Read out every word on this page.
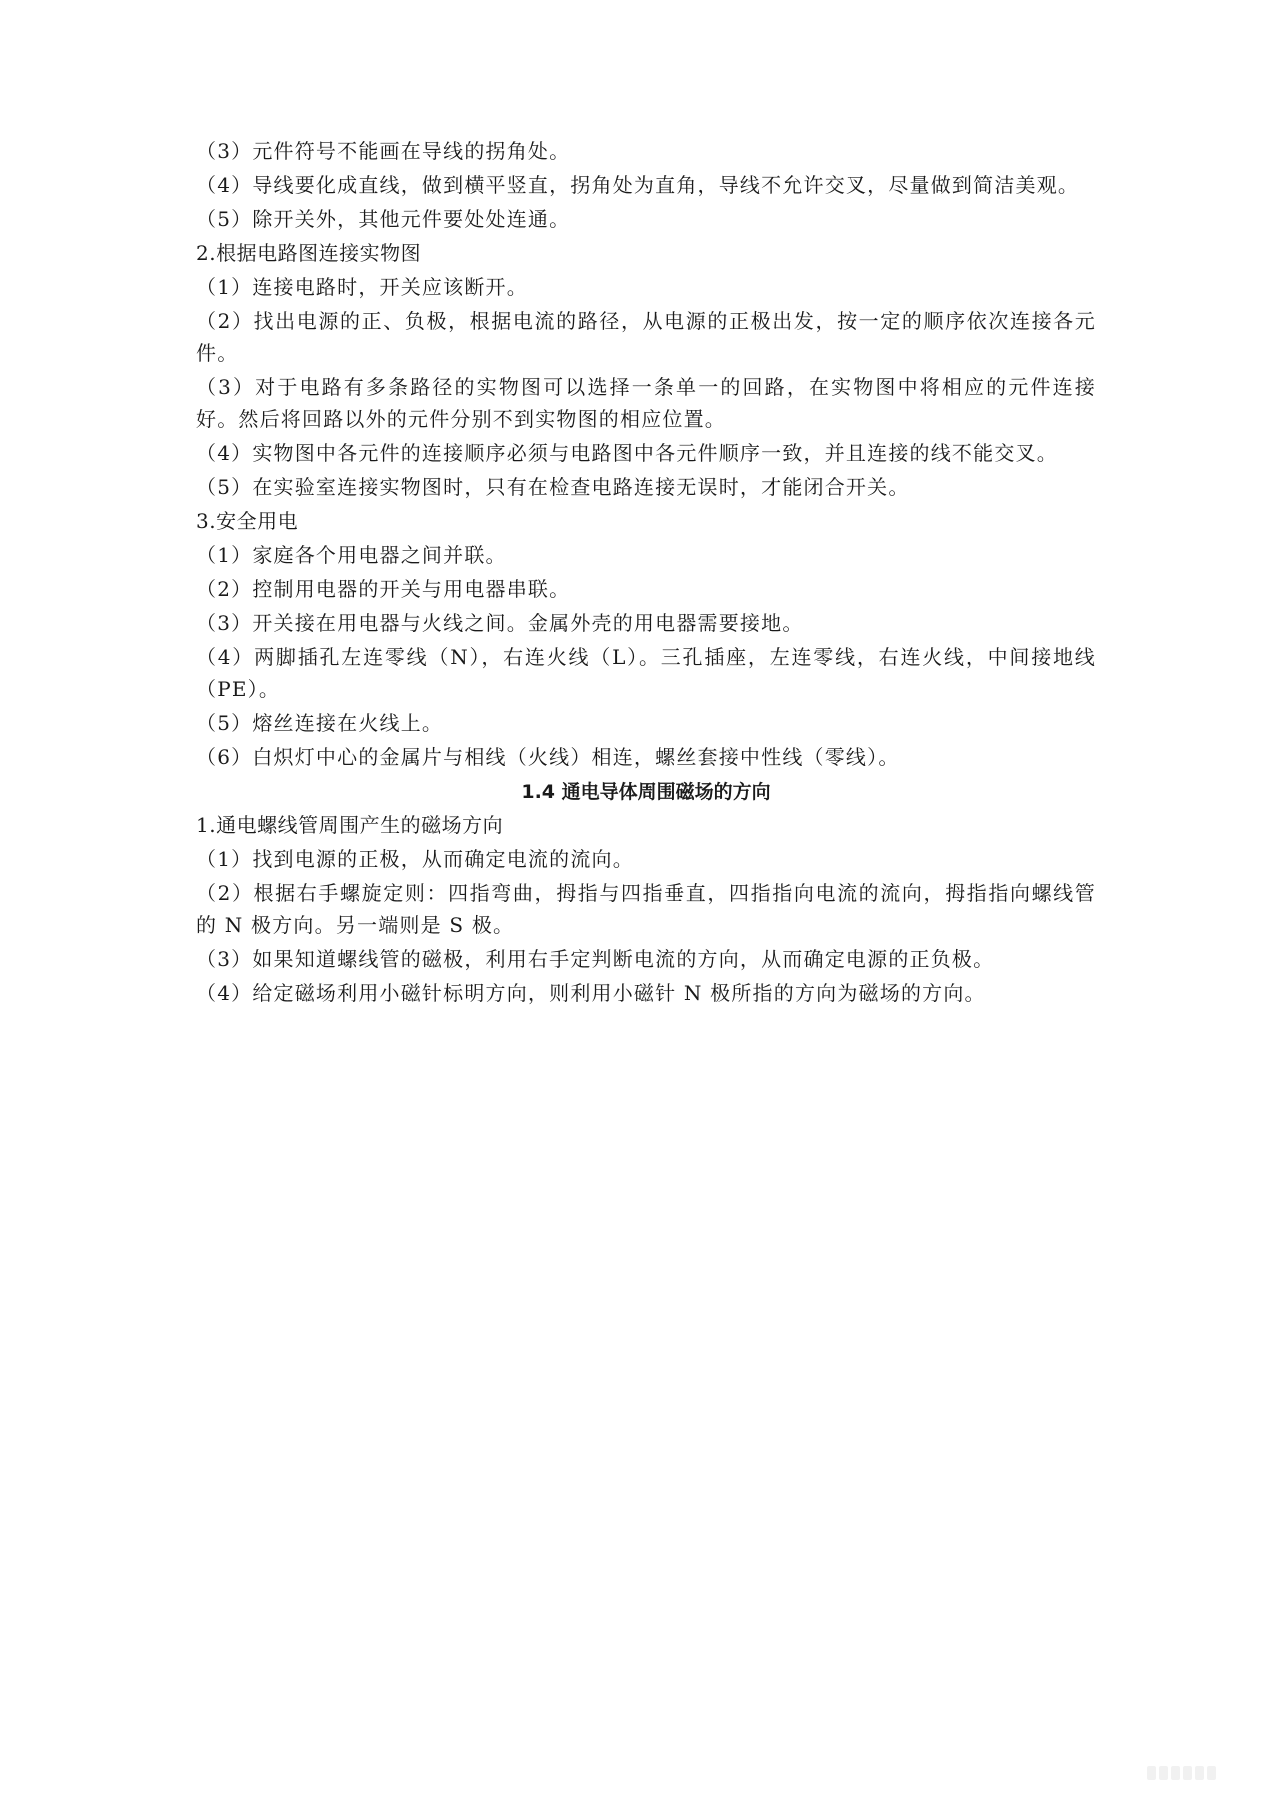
（3）元件符号不能画在导线的拐角处。

（4）导线要化成直线，做到横平竖直，拐角处为直角，导线不允许交叉，尽量做到简洁美观。

（5）除开关外，其他元件要处处连通。

2.根据电路图连接实物图

（1）连接电路时，开关应该断开。

（2）找出电源的正、负极，根据电流的路径，从电源的正极出发，按一定的顺序依次连接各元件。

（3）对于电路有多条路径的实物图可以选择一条单一的回路，在实物图中将相应的元件连接好。然后将回路以外的元件分别不到实物图的相应位置。

（4）实物图中各元件的连接顺序必须与电路图中各元件顺序一致，并且连接的线不能交叉。

（5）在实验室连接实物图时，只有在检查电路连接无误时，才能闭合开关。

3.安全用电

（1）家庭各个用电器之间并联。

（2）控制用电器的开关与用电器串联。

（3）开关接在用电器与火线之间。金属外壳的用电器需要接地。

（4）两脚插孔左连零线（N），右连火线（L）。三孔插座，左连零线，右连火线，中间接地线（PE）。

（5）熔丝连接在火线上。

（6）白炽灯中心的金属片与相线（火线）相连，螺丝套接中性线（零线）。

1.4 通电导体周围磁场的方向

1.通电螺线管周围产生的磁场方向

（1）找到电源的正极，从而确定电流的流向。

（2）根据右手螺旋定则：四指弯曲，拇指与四指垂直，四指指向电流的流向，拇指指向螺线管的 N 极方向。另一端则是 S 极。

（3）如果知道螺线管的磁极，利用右手定判断电流的方向，从而确定电源的正负极。

（4）给定磁场利用小磁针标明方向，则利用小磁针 N 极所指的方向为磁场的方向。
